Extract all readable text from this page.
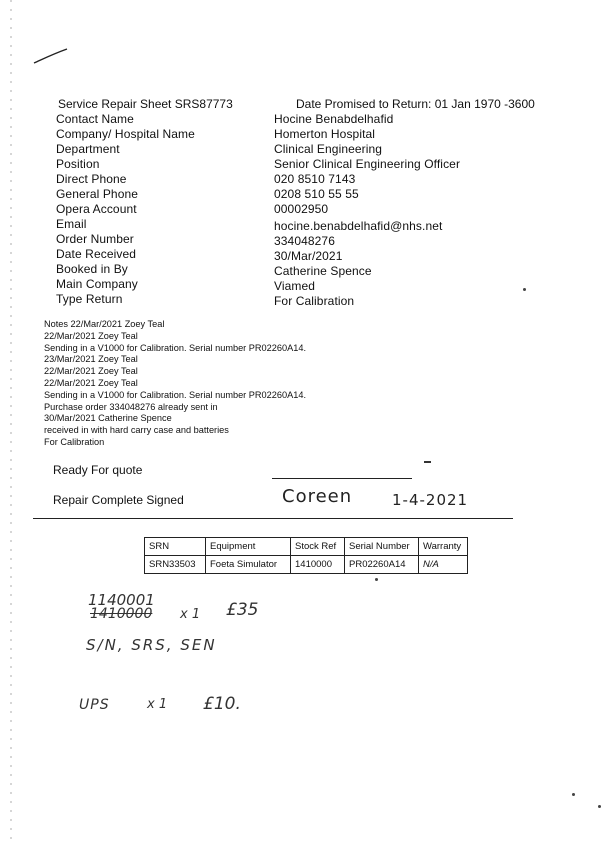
Service Repair Sheet SRS87773	Date Promised to Return: 01 Jan 1970 -3600
Contact Name	Hocine Benabdelhafid
Company/ Hospital Name	Homerton Hospital
Department	Clinical Engineering
Position	Senior Clinical Engineering Officer
Direct Phone	020 8510 7143
General Phone	0208 510 55 55
Opera Account	00002950
Email	hocine.benabdelhafid@nhs.net
Order Number	334048276
Date Received	30/Mar/2021
Booked in By	Catherine Spence
Main Company	Viamed
Type Return	For Calibration
Notes 22/Mar/2021 Zoey Teal
22/Mar/2021 Zoey Teal
Sending in a V1000 for Calibration. Serial number PR02260A14.
23/Mar/2021 Zoey Teal
22/Mar/2021 Zoey Teal
22/Mar/2021 Zoey Teal
Sending in a V1000 for Calibration. Serial number PR02260A14.
Purchase order 334048276 already sent in
30/Mar/2021 Catherine Spence
received in with hard carry case and batteries
For Calibration
Ready For quote
Repair Complete Signed	Coreen	1-4-2021
SRN	Equipment	Stock Ref	Serial Number	Warranty
SRN33503	Foeta Simulator	1410000	PR02260A14	N/A
1140001
1410000 x 1 £35
S/N, SRS, SEN
UPS	x 1 £10.
